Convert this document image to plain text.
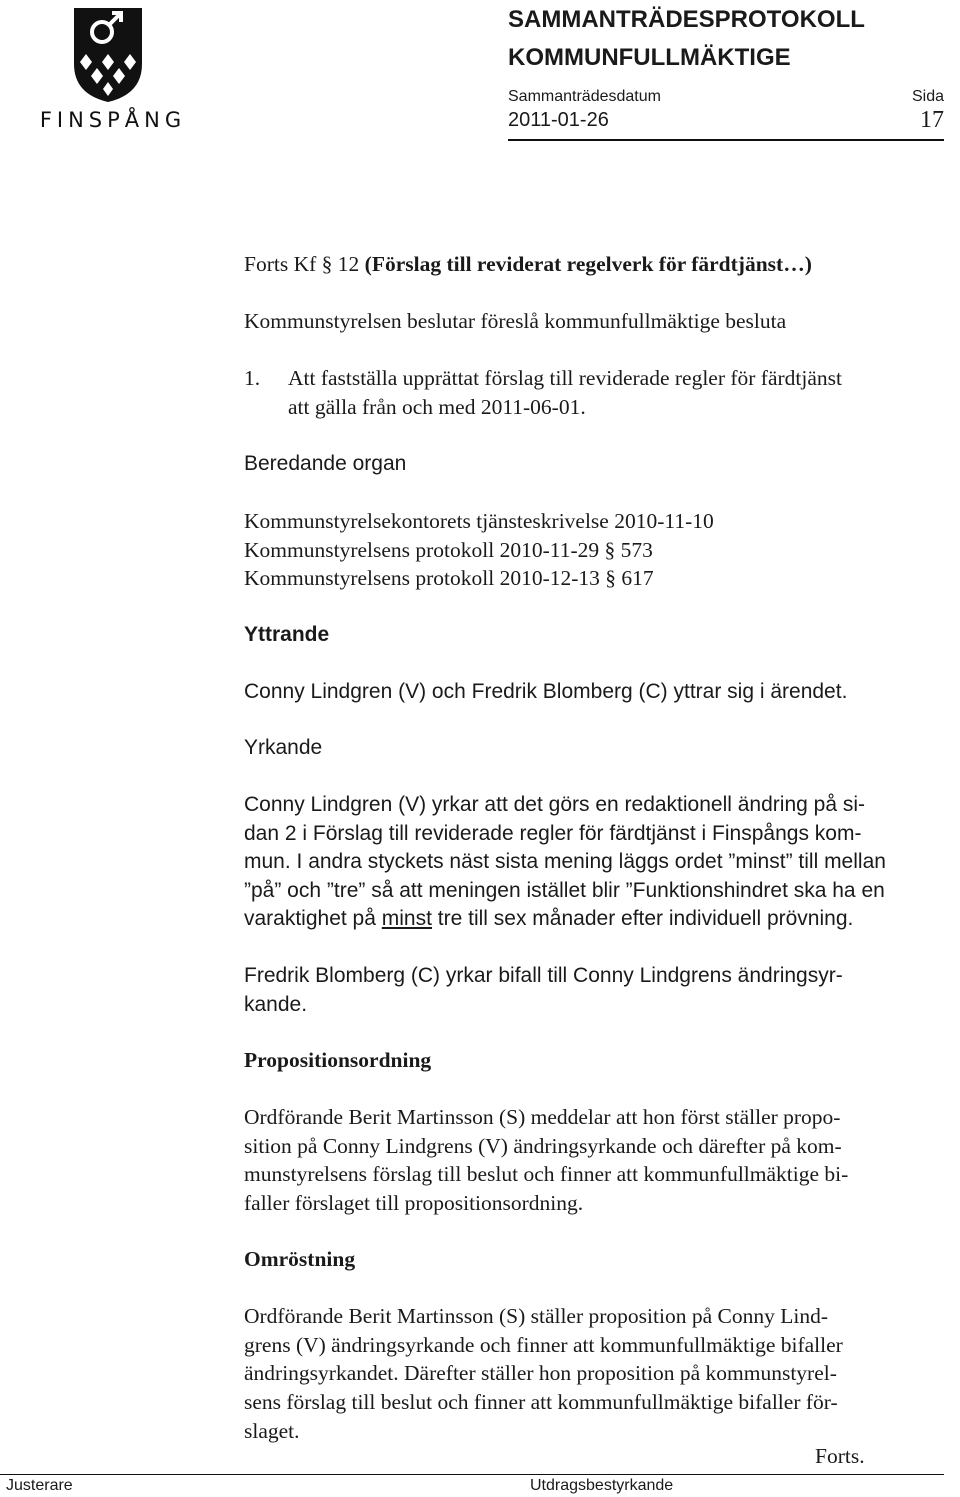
FINSPÅNG
SAMMANTRÄDESPROTOKOLL
KOMMUNFULLMÄKTIGE
Sammanträdesdatum	Sida
2011-01-26	17

Forts Kf § 12 (Förslag till reviderat regelverk för färdtjänst…)

Kommunstyrelsen beslutar föreslå kommunfullmäktige besluta

1. Att fastställa upprättat förslag till reviderade regler för färdtjänst
att gälla från och med 2011-06-01.

Beredande organ

Kommunstyrelsekontorets tjänsteskrivelse 2010-11-10
Kommunstyrelsens protokoll 2010-11-29 § 573
Kommunstyrelsens protokoll 2010-12-13 § 617

Yttrande

Conny Lindgren (V) och Fredrik Blomberg (C) yttrar sig i ärendet.

Yrkande

Conny Lindgren (V) yrkar att det görs en redaktionell ändring på si-
dan 2 i Förslag till reviderade regler för färdtjänst i Finspångs kom-
mun. I andra styckets näst sista mening läggs ordet ”minst” till mellan
”på” och ”tre” så att meningen istället blir ”Funktionshindret ska ha en
varaktighet på minst tre till sex månader efter individuell prövning.
Fredrik Blomberg (C) yrkar bifall till Conny Lindgrens ändringsyr-
kande.

Propositionsordning

Ordförande Berit Martinsson (S) meddelar att hon först ställer propo-
sition på Conny Lindgrens (V) ändringsyrkande och därefter på kom-
munstyrelsens förslag till beslut och finner att kommunfullmäktige bi-
faller förslaget till propositionsordning.

Omröstning

Ordförande Berit Martinsson (S) ställer proposition på Conny Lind-
grens (V) ändringsyrkande och finner att kommunfullmäktige bifaller
ändringsyrkandet. Därefter ställer hon proposition på kommunstyrel-
sens förslag till beslut och finner att kommunfullmäktige bifaller för-
slaget.
Forts.
Justerare	Utdragsbestyrkande
